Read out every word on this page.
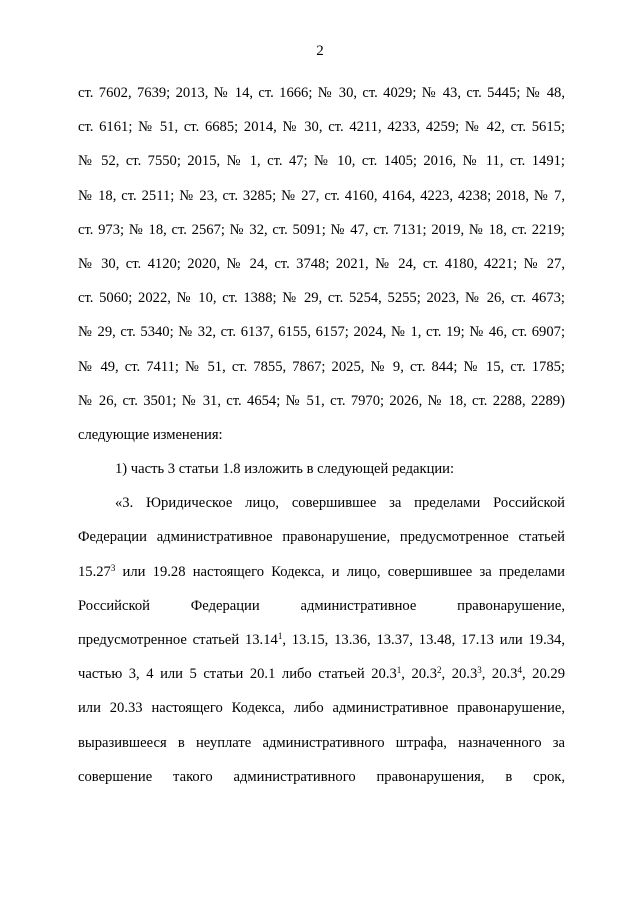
2
ст. 7602, 7639; 2013, № 14, ст. 1666; № 30, ст. 4029; № 43, ст. 5445; № 48,
ст. 6161; № 51, ст. 6685; 2014, № 30, ст. 4211, 4233, 4259; № 42, ст. 5615;
№ 52, ст. 7550; 2015, № 1, ст. 47; № 10, ст. 1405; 2016, № 11, ст. 1491;
№ 18, ст. 2511; № 23, ст. 3285; № 27, ст. 4160, 4164, 4223, 4238; 2018, № 7,
ст. 973; № 18, ст. 2567; № 32, ст. 5091; № 47, ст. 7131; 2019, № 18, ст. 2219;
№ 30, ст. 4120; 2020, № 24, ст. 3748; 2021, № 24, ст. 4180, 4221; № 27,
ст. 5060; 2022, № 10, ст. 1388; № 29, ст. 5254, 5255; 2023, № 26, ст. 4673;
№ 29, ст. 5340; № 32, ст. 6137, 6155, 6157; 2024, № 1, ст. 19; № 46, ст. 6907;
№ 49, ст. 7411; № 51, ст. 7855, 7867; 2025, № 9, ст. 844; № 15, ст. 1785;
№ 26, ст. 3501; № 31, ст. 4654; № 51, ст. 7970; 2026, № 18, ст. 2288, 2289)
следующие изменения:
1) часть 3 статьи 1.8 изложить в следующей редакции:
«3. Юридическое лицо, совершившее за пределами Российской
Федерации административное правонарушение, предусмотренное статьей
15.27$^3$ или 19.28 настоящего Кодекса, и лицо, совершившее за пределами
Российской Федерации административное правонарушение,
предусмотренное статьей 13.14$^1$, 13.15, 13.36, 13.37, 13.48, 17.13 или 19.34,
частью 3, 4 или 5 статьи 20.1 либо статьей 20.3$^1$, 20.3$^2$, 20.3$^3$, 20.3$^4$, 20.29
или 20.33 настоящего Кодекса, либо административное правонарушение,
выразившееся в неуплате административного штрафа, назначенного за
совершение такого административного правонарушения, в срок,
